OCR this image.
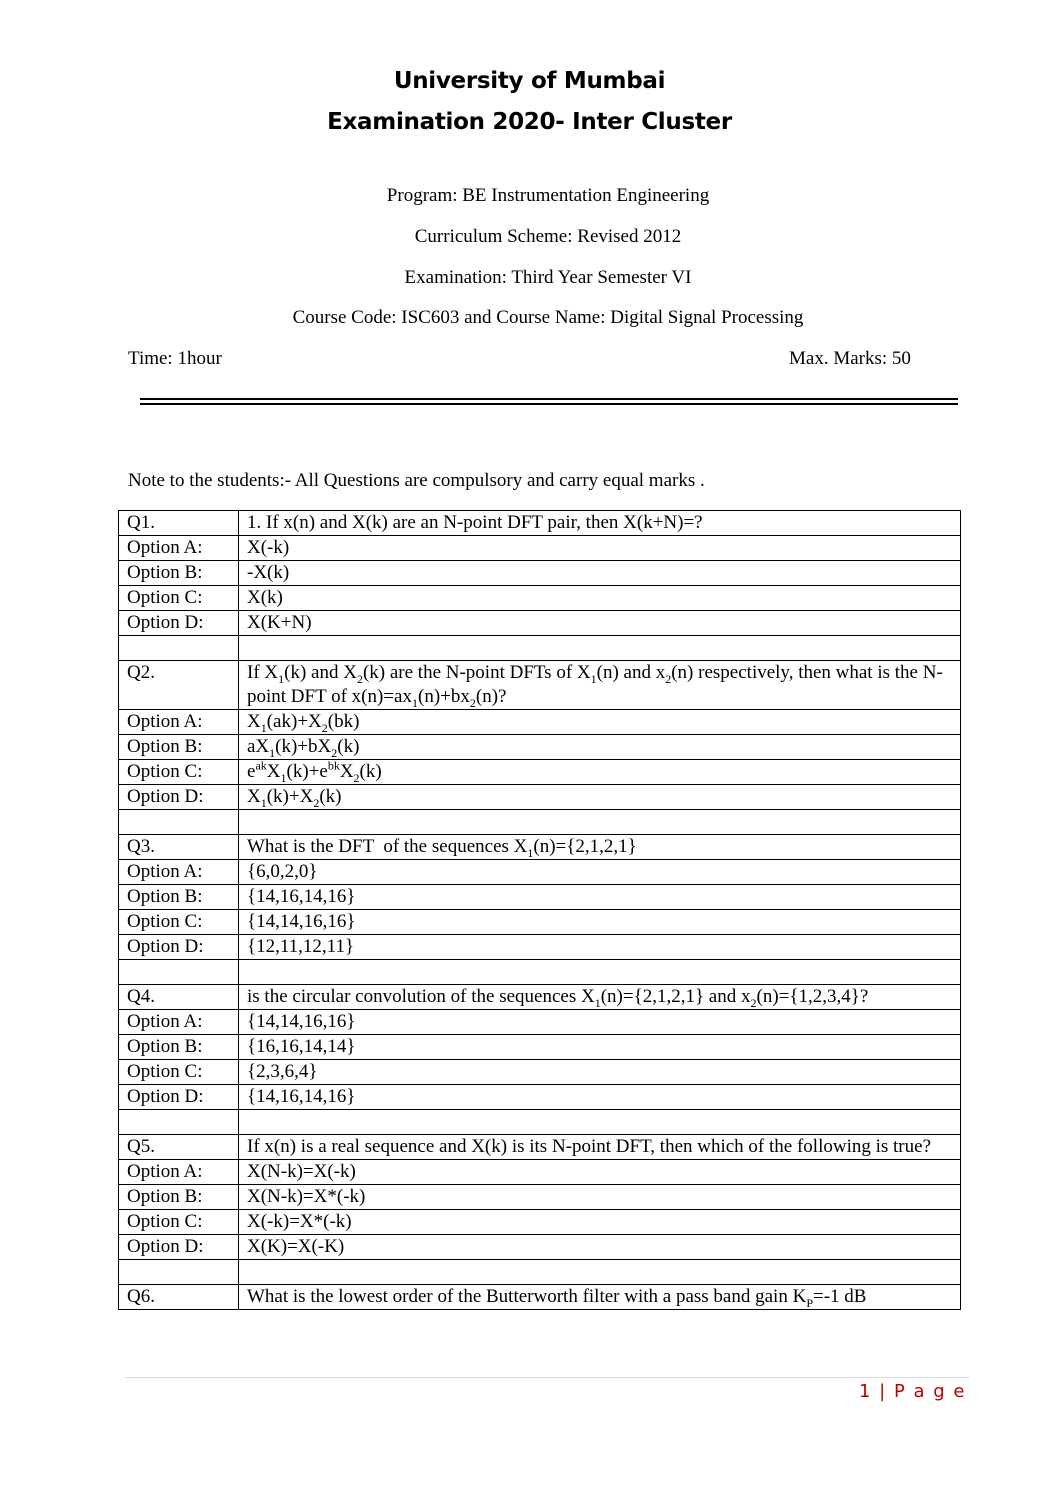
University of Mumbai
Examination 2020- Inter Cluster
Program: BE Instrumentation Engineering
Curriculum Scheme: Revised 2012
Examination: Third Year Semester VI
Course Code: ISC603 and Course Name: Digital Signal Processing
Time: 1hour	Max. Marks: 50
Note to the students:- All Questions are compulsory and carry equal marks .
Q1.	1. If x(n) and X(k) are an N-point DFT pair, then X(k+N)=?
Option A:	X(-k)
Option B:	-X(k)
Option C:	X(k)
Option D:	X(K+N)

Q2.	If $X_1(k)$ and $X_2(k)$ are the N-point DFTs of $X_1(n)$ and $x_2(n)$ respectively, then what is the N-point DFT of $x(n)=ax_1(n)+bx_2(n)$?
Option A:	$X_1(ak)+X_2(bk)$
Option B:	$aX_1(k)+bX_2(k)$
Option C:	$e^{ak}X_1(k)+e^{bk}X_2(k)$
Option D:	$X_1(k)+X_2(k)$

Q3.	What is the DFT  of the sequences $X_1(n)=\{2,1,2,1\}$
Option A:	{6,0,2,0}
Option B:	{14,16,14,16}
Option C:	{14,14,16,16}
Option D:	{12,11,12,11}

Q4.	is the circular convolution of the sequences $X_1(n)=\{2,1,2,1\}$ and $x_2(n)=\{1,2,3,4\}$?
Option A:	{14,14,16,16}
Option B:	{16,16,14,14}
Option C:	{2,3,6,4}
Option D:	{14,16,14,16}

Q5.	If x(n) is a real sequence and X(k) is its N-point DFT, then which of the following is true?
Option A:	X(N-k)=X(-k)
Option B:	X(N-k)=X*(-k)
Option C:	X(-k)=X*(-k)
Option D:	X(K)=X(-K)

Q6.	What is the lowest order of the Butterworth filter with a pass band gain $K_P=-1$ dB
1 | P a g e
